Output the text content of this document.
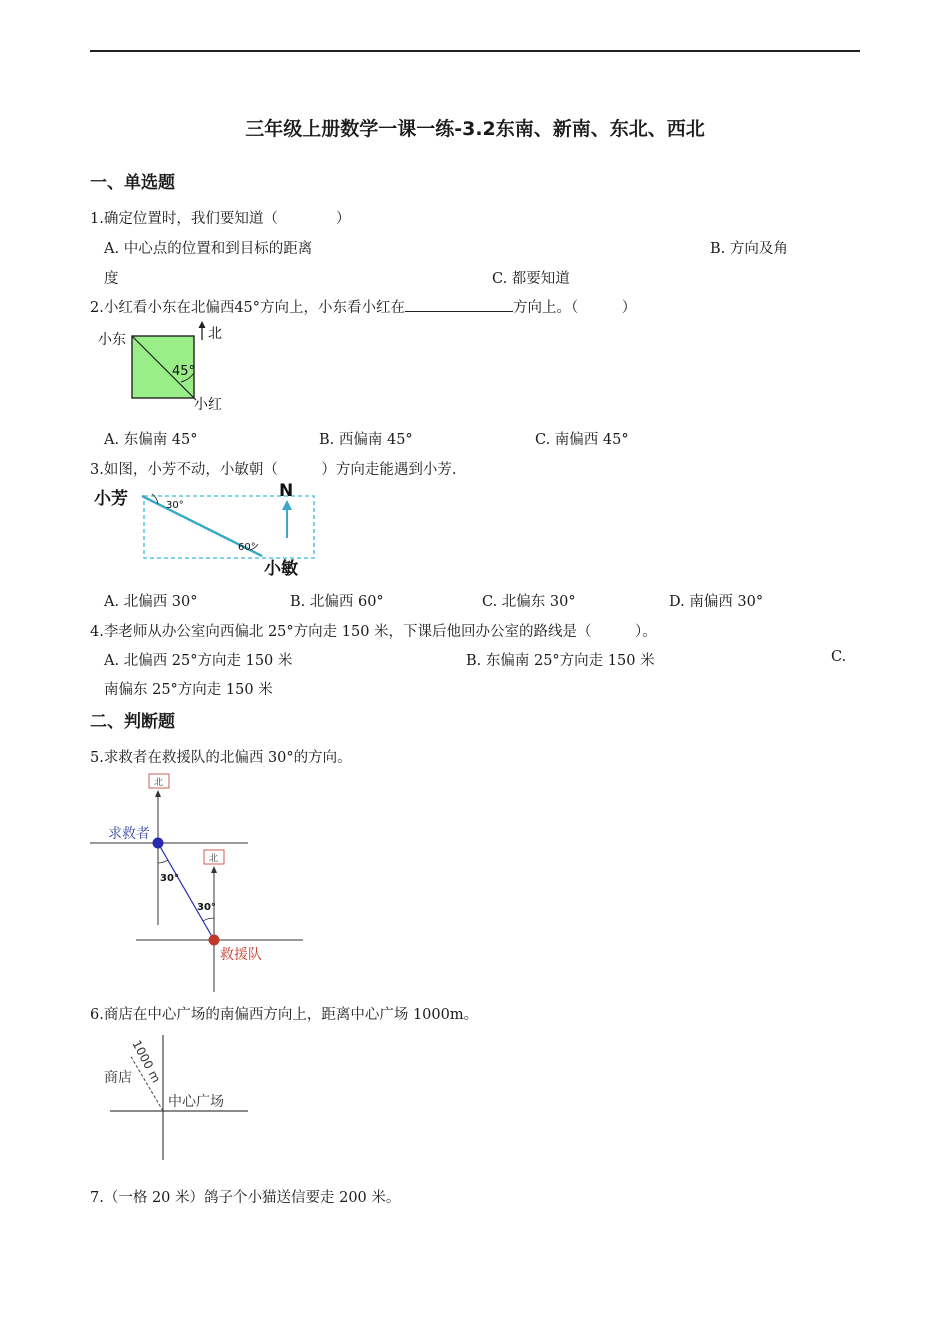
三年级上册数学一课一练-3.2东南、新南、东北、西北
一、单选题
1.确定位置时，我们要知道（　　　　）
A. 中心点的位置和到目标的距离	B. 方向及角
度	C. 都要知道
2.小红看小东在北偏西45°方向上，小东看小红在	方向上。（　　　）
小东	北
45°
小红
A. 东偏南 45°	B. 西偏南 45°	C. 南偏西 45°
3.如图，小芳不动，小敏朝（　　　）方向走能遇到小芳.
小芳	N
30°
60°
小敏
A. 北偏西 30°	B. 北偏西 60°	C. 北偏东 30°	D. 南偏西 30°
4.李老师从办公室向西偏北 25°方向走 150 米，下课后他回办公室的路线是（　　　）。
A. 北偏西 25°方向走 150 米	B. 东偏南 25°方向走 150 米	C.
南偏东 25°方向走 150 米
二、判断题
5.求救者在救援队的北偏西 30°的方向。
北
北
30°
30°
求救者
救援队
6.商店在中心广场的南偏西方向上，距离中心广场 1000m。
商店
1000 m
中心广场
7.（一格 20 米）鸽子个小猫送信要走 200 米。
